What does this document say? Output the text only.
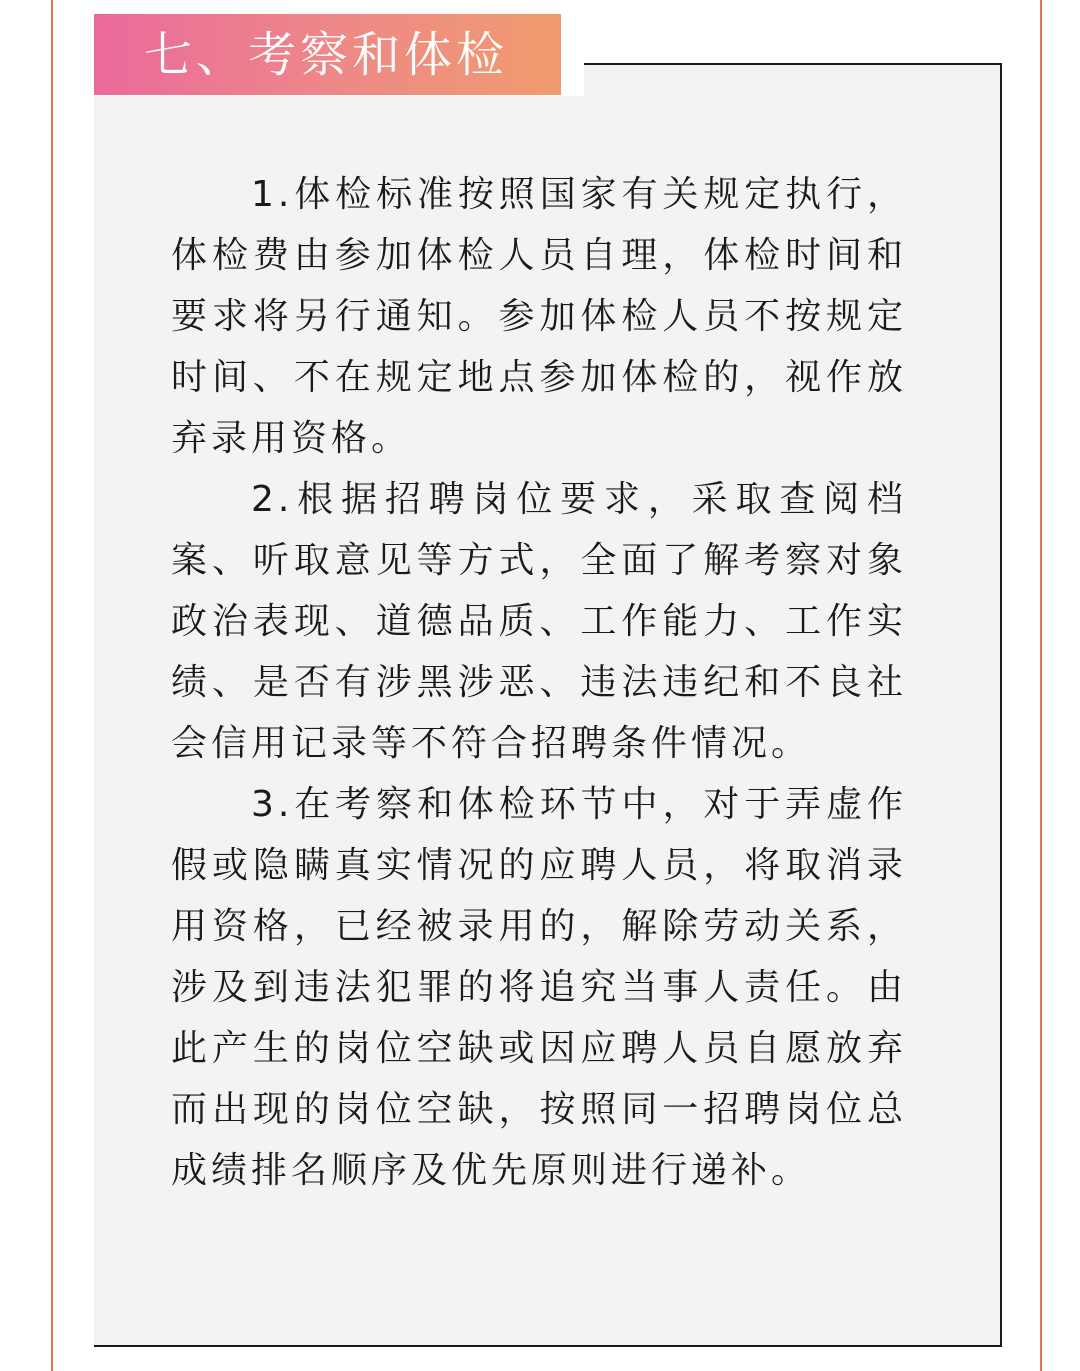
七、考察和体检

1.体检标准按照国家有关规定执行，体检费由参加体检人员自理，体检时间和要求将另行通知。参加体检人员不按规定时间、不在规定地点参加体检的，视作放弃录用资格。

2.根据招聘岗位要求，采取查阅档案、听取意见等方式，全面了解考察对象政治表现、道德品质、工作能力、工作实绩、是否有涉黑涉恶、违法违纪和不良社会信用记录等不符合招聘条件情况。

3.在考察和体检环节中，对于弄虚作假或隐瞒真实情况的应聘人员，将取消录用资格，已经被录用的，解除劳动关系，涉及到违法犯罪的将追究当事人责任。由此产生的岗位空缺或因应聘人员自愿放弃而出现的岗位空缺，按照同一招聘岗位总成绩排名顺序及优先原则进行递补。
